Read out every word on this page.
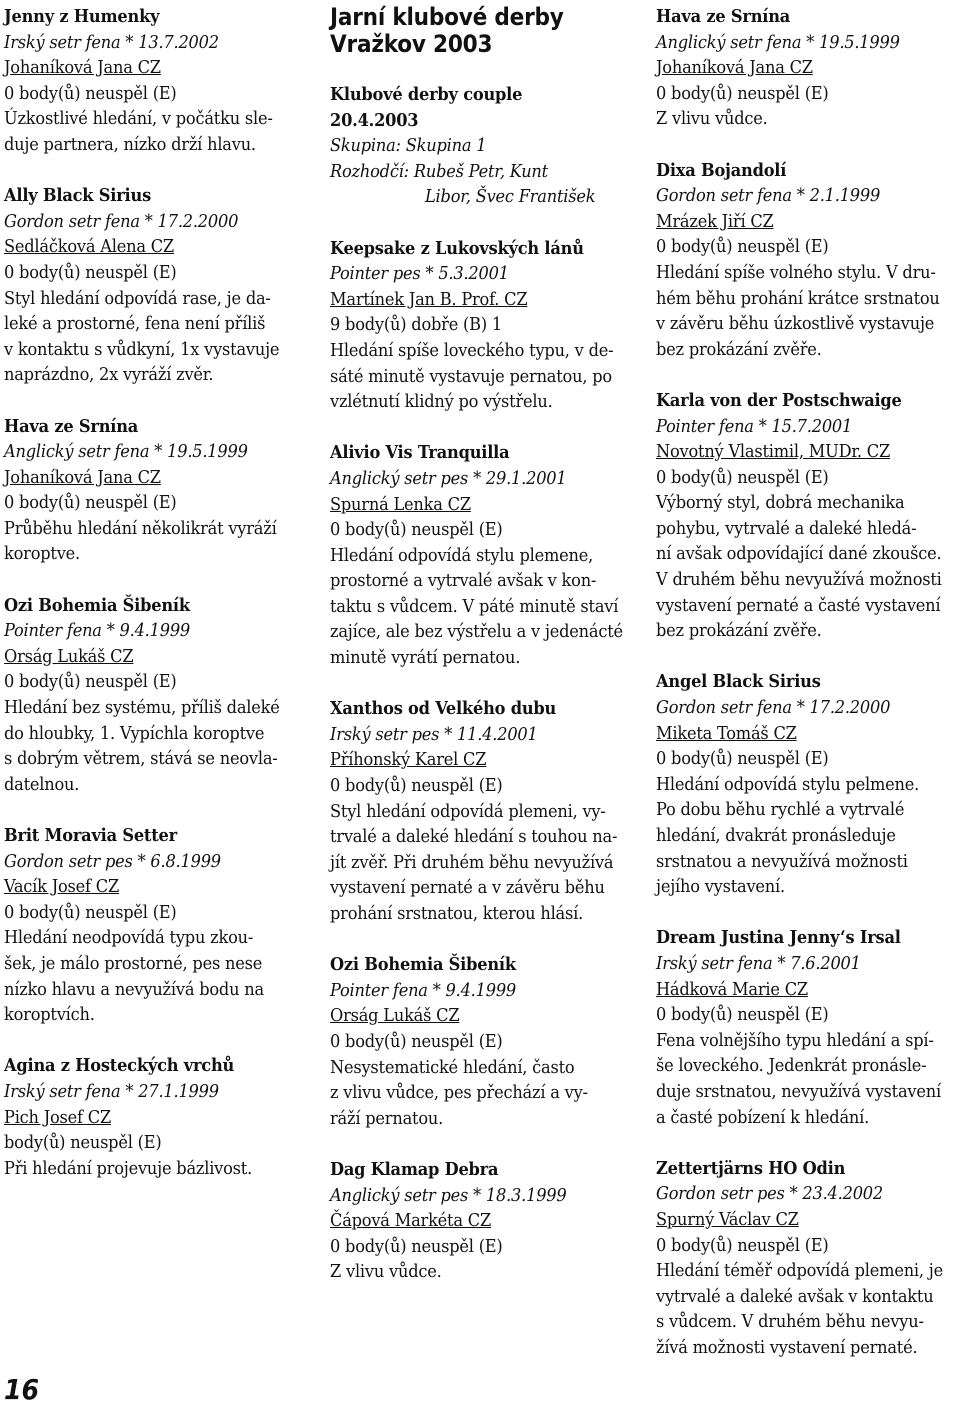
Jenny z Humenky
Irský setr fena * 13.7.2002
Johaníková Jana CZ
0 body(ů) neuspěl (E)
Úzkostlivé hledání, v počátku sle-
duje partnera, nízko drží hlavu.
Ally Black Sirius
Gordon setr fena * 17.2.2000
Sedláčková Alena CZ
0 body(ů) neuspěl (E)
Styl hledání odpovídá rase, je da-
leké a prostorné, fena není příliš
v kontaktu s vůdkyní, 1x vystavuje
naprázdno, 2x vyráží zvěr.
Hava ze Srnína
Anglický setr fena * 19.5.1999
Johaníková Jana CZ
0 body(ů) neuspěl (E)
Průběhu hledání několikrát vyráží
koroptve.
Ozi Bohemia Šibeník
Pointer fena * 9.4.1999
Orság Lukáš CZ
0 body(ů) neuspěl (E)
Hledání bez systému, příliš daleké
do hloubky, 1. Vypíchla koroptve
s dobrým větrem, stává se neovla-
datelnou.
Brit Moravia Setter
Gordon setr pes * 6.8.1999
Vacík Josef CZ
0 body(ů) neuspěl (E)
Hledání neodpovídá typu zkou-
šek, je málo prostorné, pes nese
nízko hlavu a nevyužívá bodu na
koroptvích.
Agina z Hosteckých vrchů
Irský setr fena * 27.1.1999
Pich Josef CZ
body(ů) neuspěl (E)
Při hledání projevuje bázlivost.
Jarní klubové derby
Vražkov 2003
Klubové derby couple
20.4.2003
Skupina: Skupina 1
Rozhodčí: Rubeš Petr, Kunt
Libor, Švec František
Keepsake z Lukovských lánů
Pointer pes * 5.3.2001
Martínek Jan B. Prof. CZ
9 body(ů) dobře (B) 1
Hledání spíše loveckého typu, v de-
sáté minutě vystavuje pernatou, po
vzlétnutí klidný po výstřelu.
Alivio Vis Tranquilla
Anglický setr pes * 29.1.2001
Spurná Lenka CZ
0 body(ů) neuspěl (E)
Hledání odpovídá stylu plemene,
prostorné a vytrvalé avšak v kon-
taktu s vůdcem. V páté minutě staví
zajíce, ale bez výstřelu a v jedenácté
minutě vyrátí pernatou.
Xanthos od Velkého dubu
Irský setr pes * 11.4.2001
Příhonský Karel CZ
0 body(ů) neuspěl (E)
Styl hledání odpovídá plemeni, vy-
trvalé a daleké hledání s touhou na-
jít zvěř. Při druhém běhu nevyužívá
vystavení pernaté a v závěru běhu
prohání srstnatou, kterou hlásí.
Ozi Bohemia Šibeník
Pointer fena * 9.4.1999
Orság Lukáš CZ
0 body(ů) neuspěl (E)
Nesystematické hledání, často
z vlivu vůdce, pes přechází a vy-
ráží pernatou.
Dag Klamap Debra
Anglický setr pes * 18.3.1999
Čápová Markéta CZ
0 body(ů) neuspěl (E)
Z vlivu vůdce.
Hava ze Srnína
Anglický setr fena * 19.5.1999
Johaníková Jana CZ
0 body(ů) neuspěl (E)
Z vlivu vůdce.
Dixa Bojandolí
Gordon setr fena * 2.1.1999
Mrázek Jiří CZ
0 body(ů) neuspěl (E)
Hledání spíše volného stylu. V dru-
hém běhu prohání krátce srstnatou
v závěru běhu úzkostlivě vystavuje
bez prokázání zvěře.
Karla von der Postschwaige
Pointer fena * 15.7.2001
Novotný Vlastimil, MUDr. CZ
0 body(ů) neuspěl (E)
Výborný styl, dobrá mechanika
pohybu, vytrvalé a daleké hledá-
ní avšak odpovídající dané zkoušce.
V druhém běhu nevyužívá možnosti
vystavení pernaté a časté vystavení
bez prokázání zvěře.
Angel Black Sirius
Gordon setr fena * 17.2.2000
Miketa Tomáš CZ
0 body(ů) neuspěl (E)
Hledání odpovídá stylu pelmene.
Po dobu běhu rychlé a vytrvalé
hledání, dvakrát pronásleduje
srstnatou a nevyužívá možnosti
jejího vystavení.
Dream Justina Jenny‘s Irsal
Irský setr fena * 7.6.2001
Hádková Marie CZ
0 body(ů) neuspěl (E)
Fena volnějšího typu hledání a spí-
še loveckého. Jedenkrát pronásle-
duje srstnatou, nevyužívá vystavení
a časté pobízení k hledání.
Zettertjärns HO Odin
Gordon setr pes * 23.4.2002
Spurný Václav CZ
0 body(ů) neuspěl (E)
Hledání téměř odpovídá plemeni, je
vytrvalé a daleké avšak v kontaktu
s vůdcem. V druhém běhu nevyu-
žívá možnosti vystavení pernaté.
16
